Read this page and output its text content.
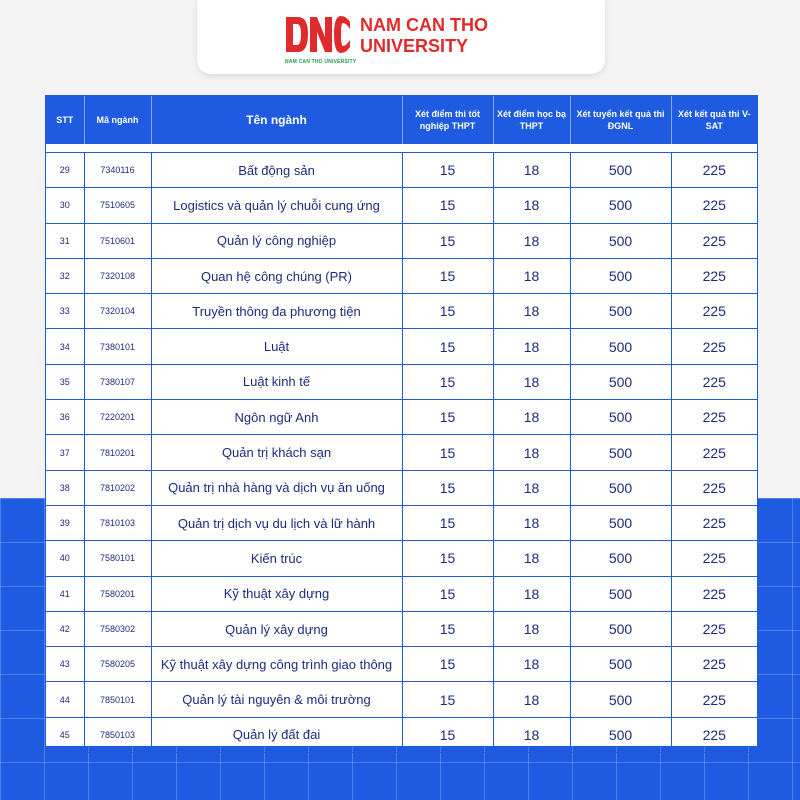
NAM CAN THO UNIVERSITY
NAM CAN THO
UNIVERSITY
STT	Mã ngành	Tên ngành	Xét điểm thi tốt nghiệp THPT	Xét điểm học bạ THPT	Xét tuyển kết quả thi ĐGNL	Xét kết quả thi V-SAT

29	7340116	Bất động sản	15	18	500	225
30	7510605	Logistics và quản lý chuỗi cung ứng	15	18	500	225
31	7510601	Quản lý công nghiệp	15	18	500	225
32	7320108	Quan hệ công chúng (PR)	15	18	500	225
33	7320104	Truyền thông đa phương tiện	15	18	500	225
34	7380101	Luật	15	18	500	225
35	7380107	Luật kinh tế	15	18	500	225
36	7220201	Ngôn ngữ Anh	15	18	500	225
37	7810201	Quản trị khách sạn	15	18	500	225
38	7810202	Quản trị nhà hàng và dịch vụ ăn uống	15	18	500	225
39	7810103	Quản trị dịch vụ du lịch và lữ hành	15	18	500	225
40	7580101	Kiến trúc	15	18	500	225
41	7580201	Kỹ thuật xây dựng	15	18	500	225
42	7580302	Quản lý xây dựng	15	18	500	225
43	7580205	Kỹ thuật xây dựng công trình giao thông	15	18	500	225
44	7850101	Quản lý tài nguyên & môi trường	15	18	500	225
45	7850103	Quản lý đất đai	15	18	500	225
